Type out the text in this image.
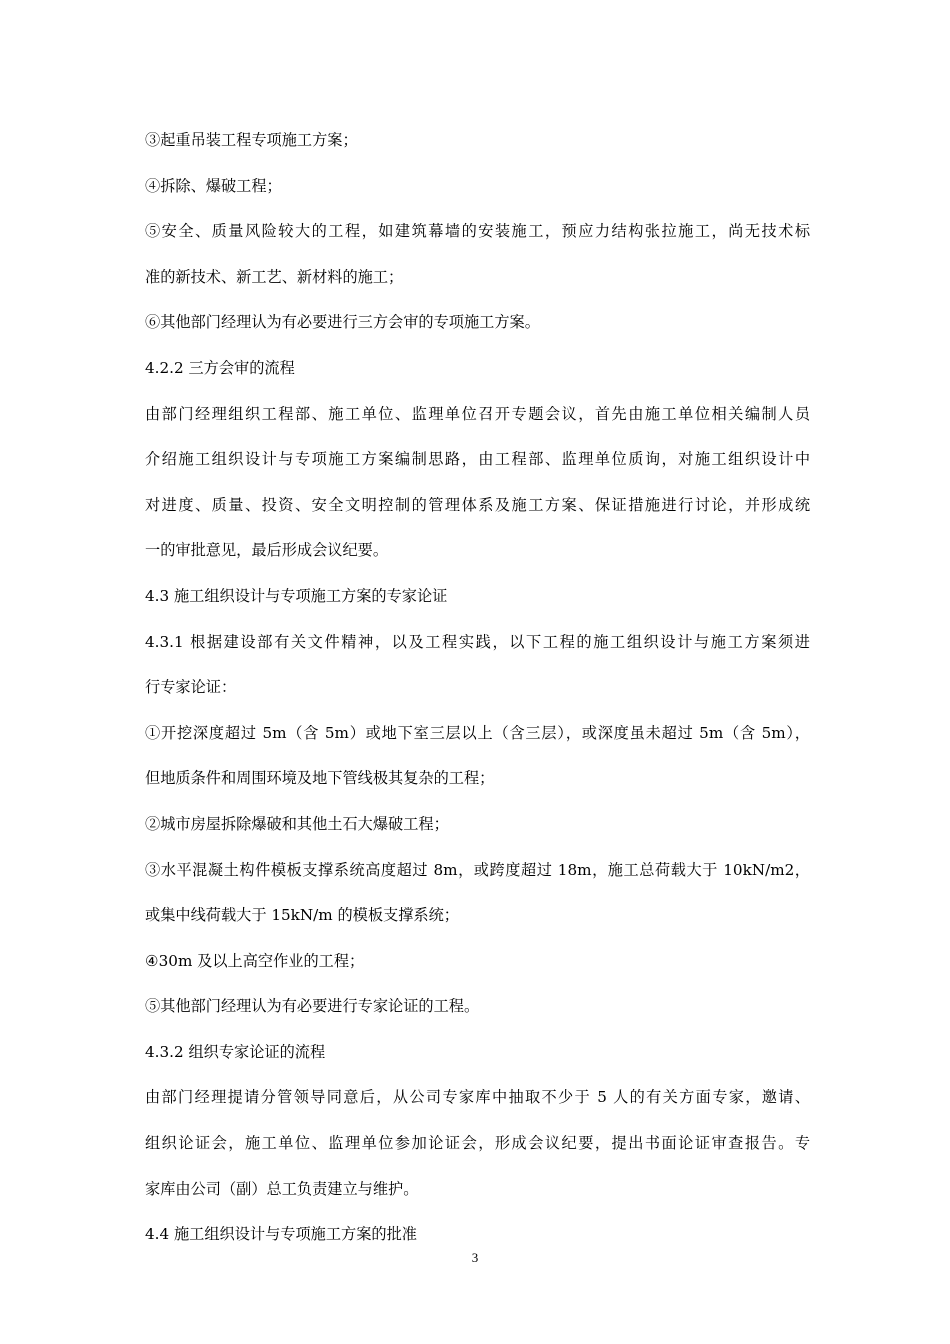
③起重吊装工程专项施工方案；
④拆除、爆破工程；
⑤安全、质量风险较大的工程，如建筑幕墙的安装施工，预应力结构张拉施工，尚无技术标
准的新技术、新工艺、新材料的施工；
⑥其他部门经理认为有必要进行三方会审的专项施工方案。
4.2.2 三方会审的流程
由部门经理组织工程部、施工单位、监理单位召开专题会议，首先由施工单位相关编制人员
介绍施工组织设计与专项施工方案编制思路，由工程部、监理单位质询，对施工组织设计中
对进度、质量、投资、安全文明控制的管理体系及施工方案、保证措施进行讨论，并形成统
一的审批意见，最后形成会议纪要。
4.3 施工组织设计与专项施工方案的专家论证
4.3.1 根据建设部有关文件精神，以及工程实践，以下工程的施工组织设计与施工方案须进
行专家论证：
①开挖深度超过 5m（含 5m）或地下室三层以上（含三层），或深度虽未超过 5m（含 5m），
但地质条件和周围环境及地下管线极其复杂的工程；
②城市房屋拆除爆破和其他土石大爆破工程；
③水平混凝土构件模板支撑系统高度超过 8m，或跨度超过 18m，施工总荷载大于 10kN/m2，
或集中线荷载大于 15kN/m 的模板支撑系统；
④30m 及以上高空作业的工程；
⑤其他部门经理认为有必要进行专家论证的工程。
4.3.2 组织专家论证的流程
由部门经理提请分管领导同意后，从公司专家库中抽取不少于 5 人的有关方面专家，邀请、
组织论证会，施工单位、监理单位参加论证会，形成会议纪要，提出书面论证审查报告。专
家库由公司（副）总工负责建立与维护。
4.4 施工组织设计与专项施工方案的批准
3
